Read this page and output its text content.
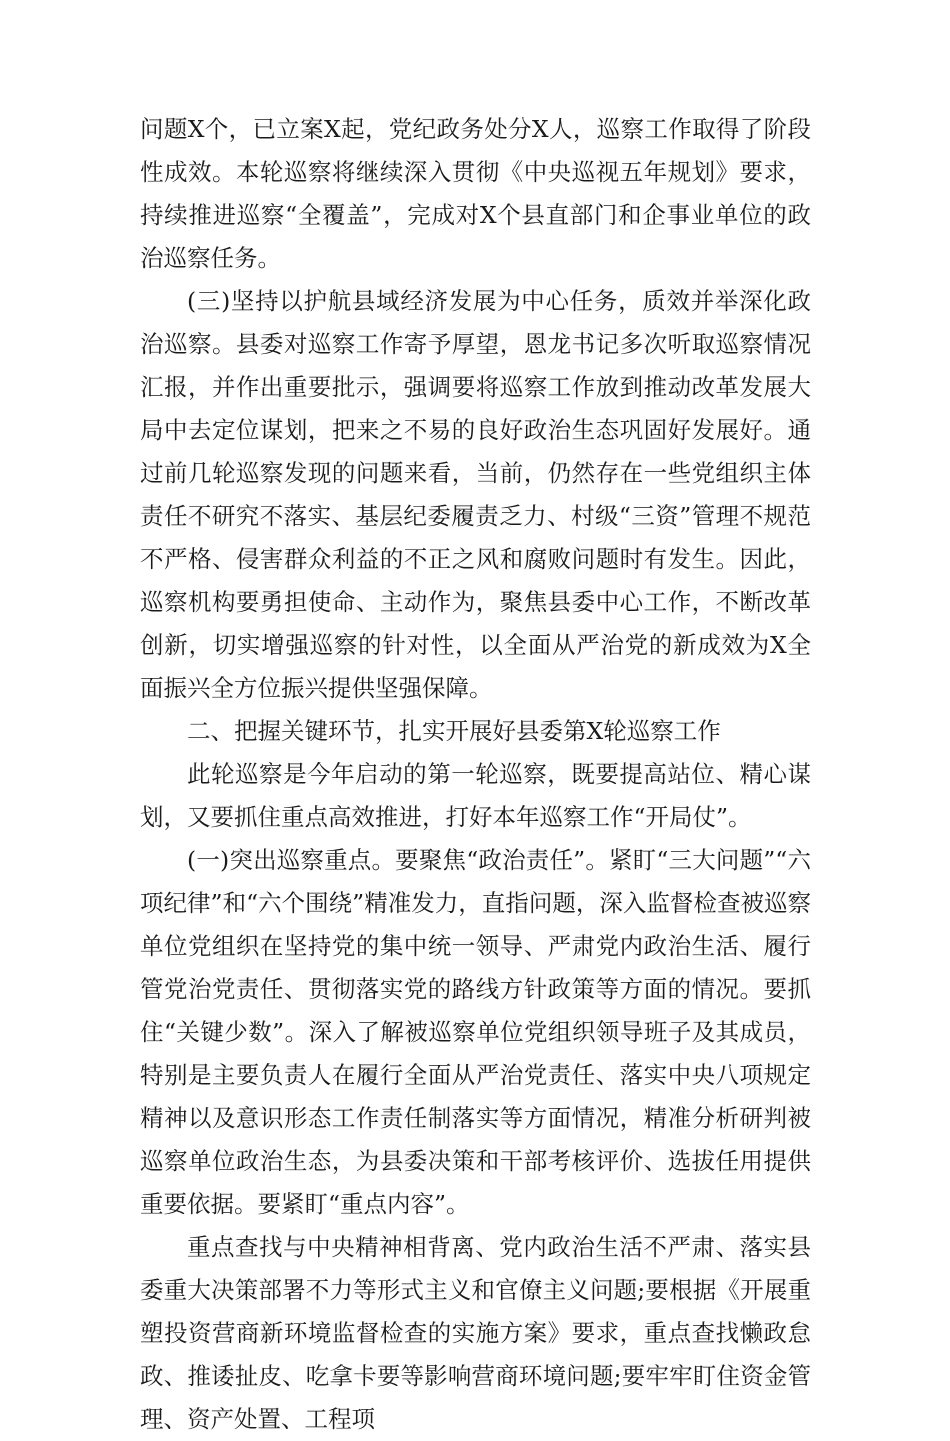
问题X个，已立案X起，党纪政务处分X人，巡察工作取得了阶段性成效。本轮巡察将继续深入贯彻《中央巡视五年规划》要求，持续推进巡察“全覆盖”，完成对X个县直部门和企事业单位的政治巡察任务。

(三)坚持以护航县域经济发展为中心任务，质效并举深化政治巡察。县委对巡察工作寄予厚望，恩龙书记多次听取巡察情况汇报，并作出重要批示，强调要将巡察工作放到推动改革发展大局中去定位谋划，把来之不易的良好政治生态巩固好发展好。通过前几轮巡察发现的问题来看，当前，仍然存在一些党组织主体责任不研究不落实、基层纪委履责乏力、村级“三资”管理不规范不严格、侵害群众利益的不正之风和腐败问题时有发生。因此，巡察机构要勇担使命、主动作为，聚焦县委中心工作，不断改革创新，切实增强巡察的针对性，以全面从严治党的新成效为X全面振兴全方位振兴提供坚强保障。

二、把握关键环节，扎实开展好县委第X轮巡察工作

此轮巡察是今年启动的第一轮巡察，既要提高站位、精心谋划，又要抓住重点高效推进，打好本年巡察工作“开局仗”。

(一)突出巡察重点。要聚焦“政治责任”。紧盯“三大问题”“六项纪律”和“六个围绕”精准发力，直指问题，深入监督检查被巡察单位党组织在坚持党的集中统一领导、严肃党内政治生活、履行管党治党责任、贯彻落实党的路线方针政策等方面的情况。要抓住“关键少数”。深入了解被巡察单位党组织领导班子及其成员，特别是主要负责人在履行全面从严治党责任、落实中央八项规定精神以及意识形态工作责任制落实等方面情况，精准分析研判被巡察单位政治生态，为县委决策和干部考核评价、选拔任用提供重要依据。要紧盯“重点内容”。

重点查找与中央精神相背离、党内政治生活不严肃、落实县委重大决策部署不力等形式主义和官僚主义问题;要根据《开展重塑投资营商新环境监督检查的实施方案》要求，重点查找懒政怠政、推诿扯皮、吃拿卡要等影响营商环境问题;要牢牢盯住资金管理、资产处置、工程项
